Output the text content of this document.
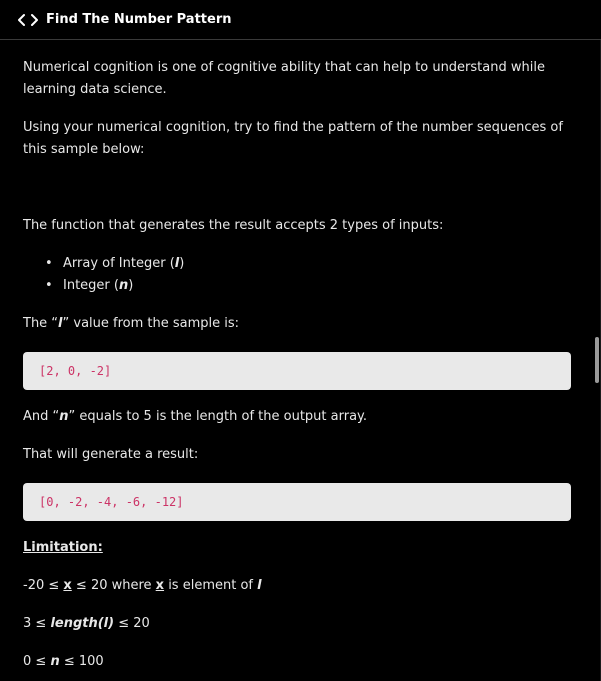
Find The Number Pattern

Numerical cognition is one of cognitive ability that can help to understand while learning data science.

Using your numerical cognition, try to find the pattern of the number sequences of this sample below:

The function that generates the result accepts 2 types of inputs:

• Array of Integer (l)
• Integer (n)

The “l” value from the sample is:

[2, 0, -2]

And “n” equals to 5 is the length of the output array.

That will generate a result:

[0, -2, -4, -6, -12]

Limitation:

-20 ≤ x ≤ 20 where x is element of l

3 ≤ length(l) ≤ 20

0 ≤ n ≤ 100
